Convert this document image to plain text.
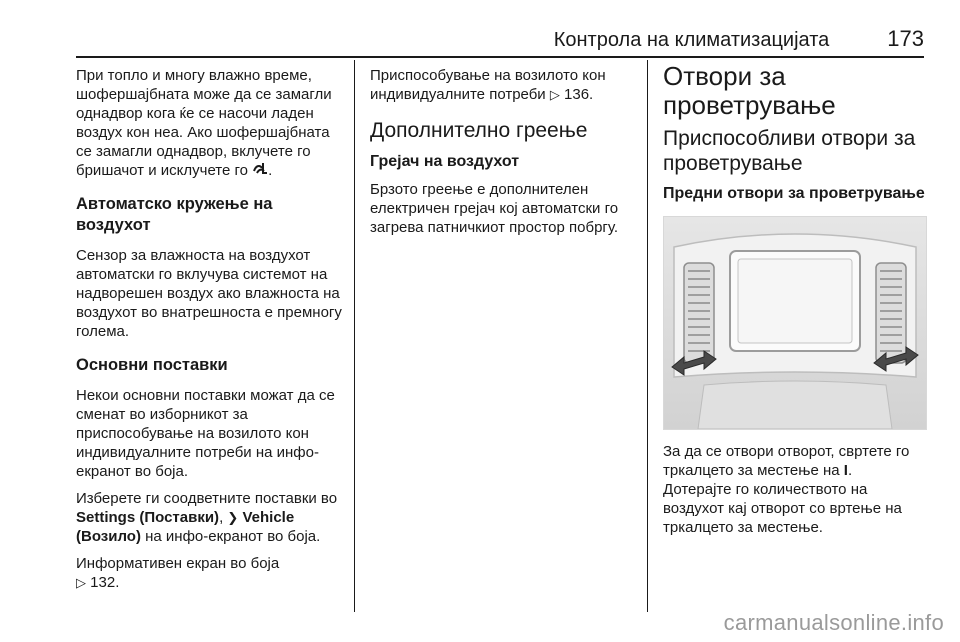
Контрола на климатизацијата	173

При топло и многу влажно време, шофершајбната може да се замагли однадвор кога ќе се насочи ладен воздух кон неа. Ако шофершајбната се замагли однадвор, вклучете го бришачот и исклучете го .

Автоматско кружење на воздухот

Сензор за влажноста на воздухот автоматски го вклучува системот на надворешен воздух ако влажноста на воздухот во внатрешноста е премногу голема.

Основни поставки

Некои основни поставки можат да се сменат во изборникот за приспособување на возилото кон индивидуалните потреби на инфо-екранот во боја.

Изберете ги соодветните поставки во Settings (Поставки), ❯ Vehicle (Возило) на инфо-екранот во боја.

Информативен екран во боја
▷ 132.

Приспособување на возилото кон индивидуалните потреби ▷ 136.

Дополнително греење
Грејач на воздухот

Брзото греење е дополнителен електричен грејач кој автоматски го загрева патничкиот простор побргу.

Отвори за проветрување
Приспособливи отвори за проветрување
Предни отвори за проветрување

За да се отвори отворот, свртете го тркалцето за местење на I.
Дотерајте го количеството на воздухот кај отворот со вртење на тркалцето за местење.

carmanualsonline.info
